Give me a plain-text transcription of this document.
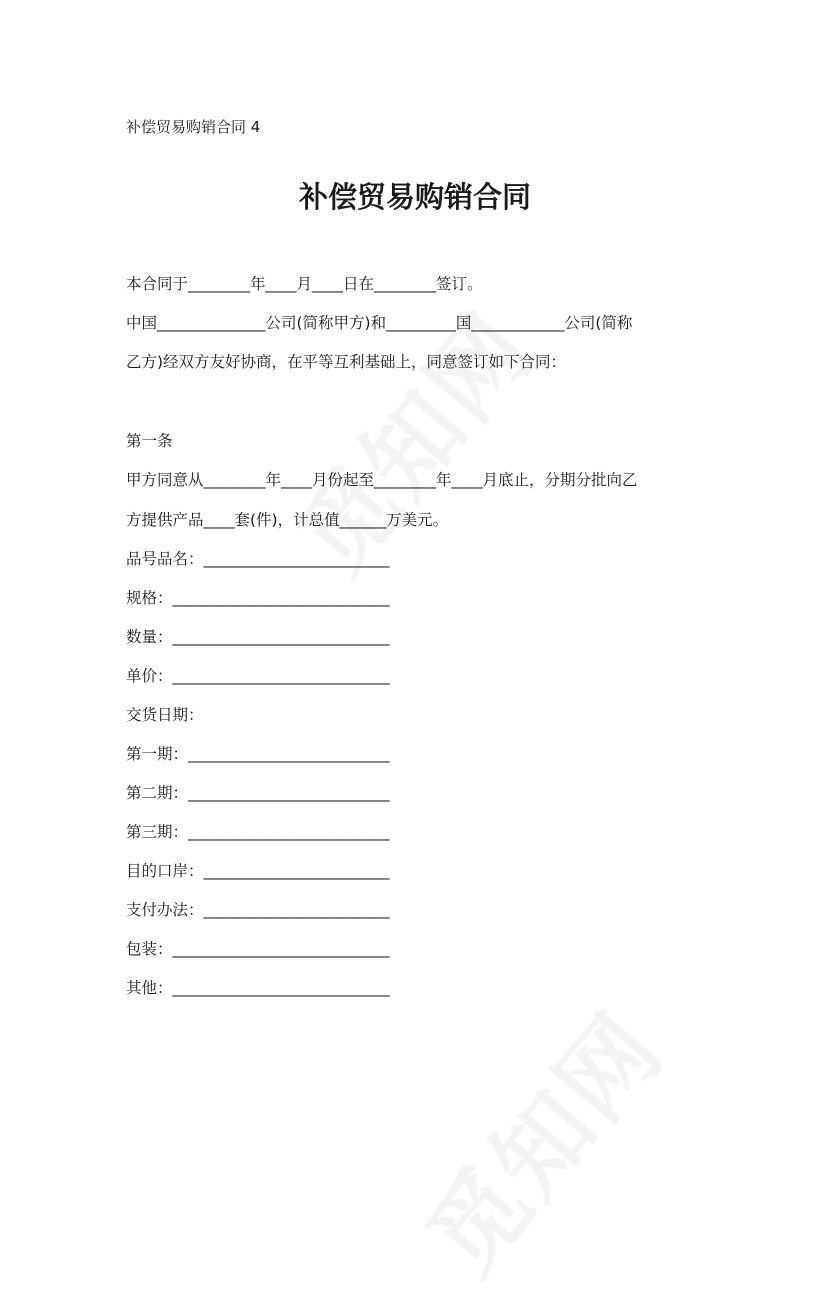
补偿贸易购销合同 4
补偿贸易购销合同
本合同于________年____月____日在________签订。
中国______________公司(简称甲方)和_________国____________公司(简称
乙方)经双方友好协商，在平等互利基础上，同意签订如下合同：
第一条
甲方同意从________年____月份起至________年____月底止，分期分批向乙
方提供产品____套(件)，计总值______万美元。
品号品名：________________________
规格：____________________________
数量：____________________________
单价：____________________________
交货日期：
第一期：__________________________
第二期：__________________________
第三期：__________________________
目的口岸：________________________
支付办法：________________________
包装：____________________________
其他：____________________________
